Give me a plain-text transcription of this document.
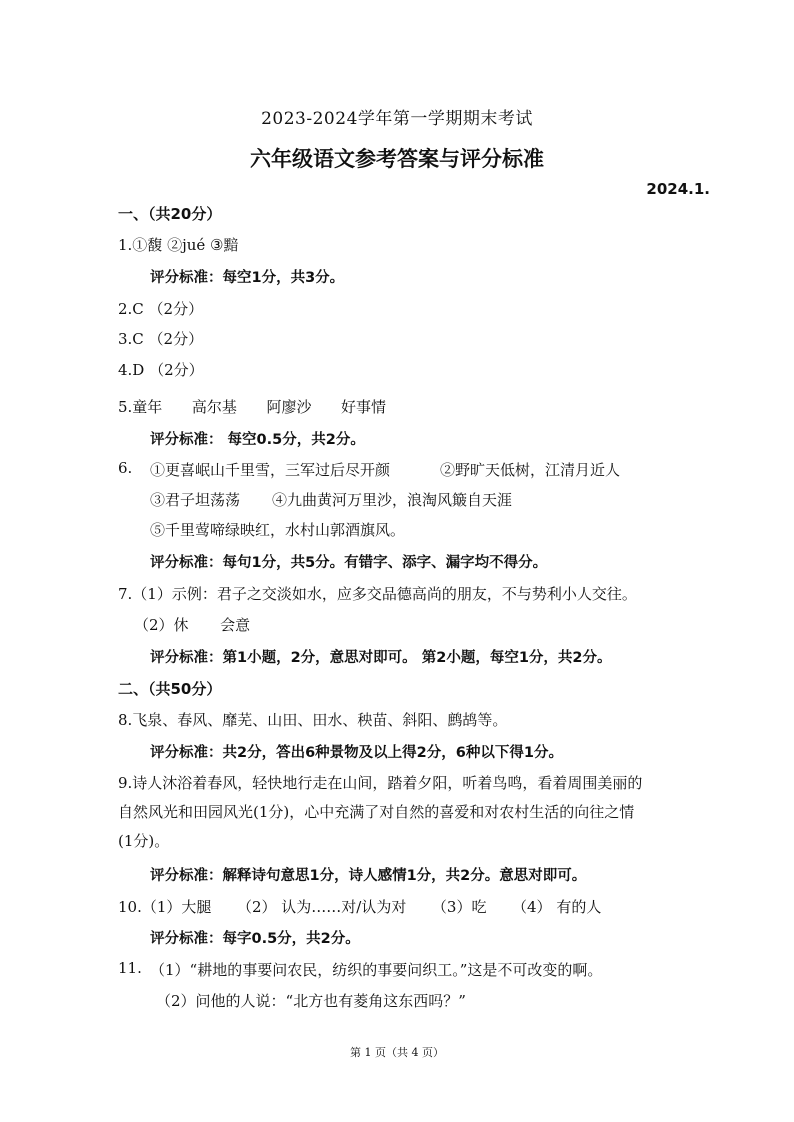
2023-2024学年第一学期期末考试
六年级语文参考答案与评分标准
2024.1.
一、（共20分）
1.①馥 ②jué ③黯
评分标准：每空1分，共3分。
2.C （2分）
3.C （2分）
4.D （2分）
5.童年 高尔基 阿廖沙 好事情
评分标准： 每空0.5分，共2分。
6. ①更喜岷山千里雪，三军过后尽开颜	②野旷天低树，江清月近人
③君子坦荡荡 ④九曲黄河万里沙，浪淘风簸自天涯
⑤千里莺啼绿映红，水村山郭酒旗风。
评分标准：每句1分，共5分。有错字、添字、漏字均不得分。
7.（1）示例：君子之交淡如水，应多交品德高尚的朋友，不与势利小人交往。
（2）休 会意
评分标准：第1小题，2分，意思对即可。 第2小题，每空1分，共2分。
二、（共50分）
8.飞泉、春风、靡芜、山田、田水、秧苗、斜阳、鹧鸪等。
评分标准：共2分，答出6种景物及以上得2分，6种以下得1分。
9.诗人沐浴着春风，轻快地行走在山间，踏着夕阳，听着鸟鸣，看着周围美丽的
自然风光和田园风光(1分)，心中充满了对自然的喜爱和对农村生活的向往之情
(1分)。
评分标准：解释诗句意思1分，诗人感情1分，共2分。意思对即可。
10.（1）大腿 （2） 认为……对/认为对 （3）吃 （4） 有的人
评分标准：每字0.5分，共2分。
11. （1）“耕地的事要问农民，纺织的事要问织工。”这是不可改变的啊。
（2）问他的人说：“北方也有菱角这东西吗？”
第 1 页（共 4 页）
